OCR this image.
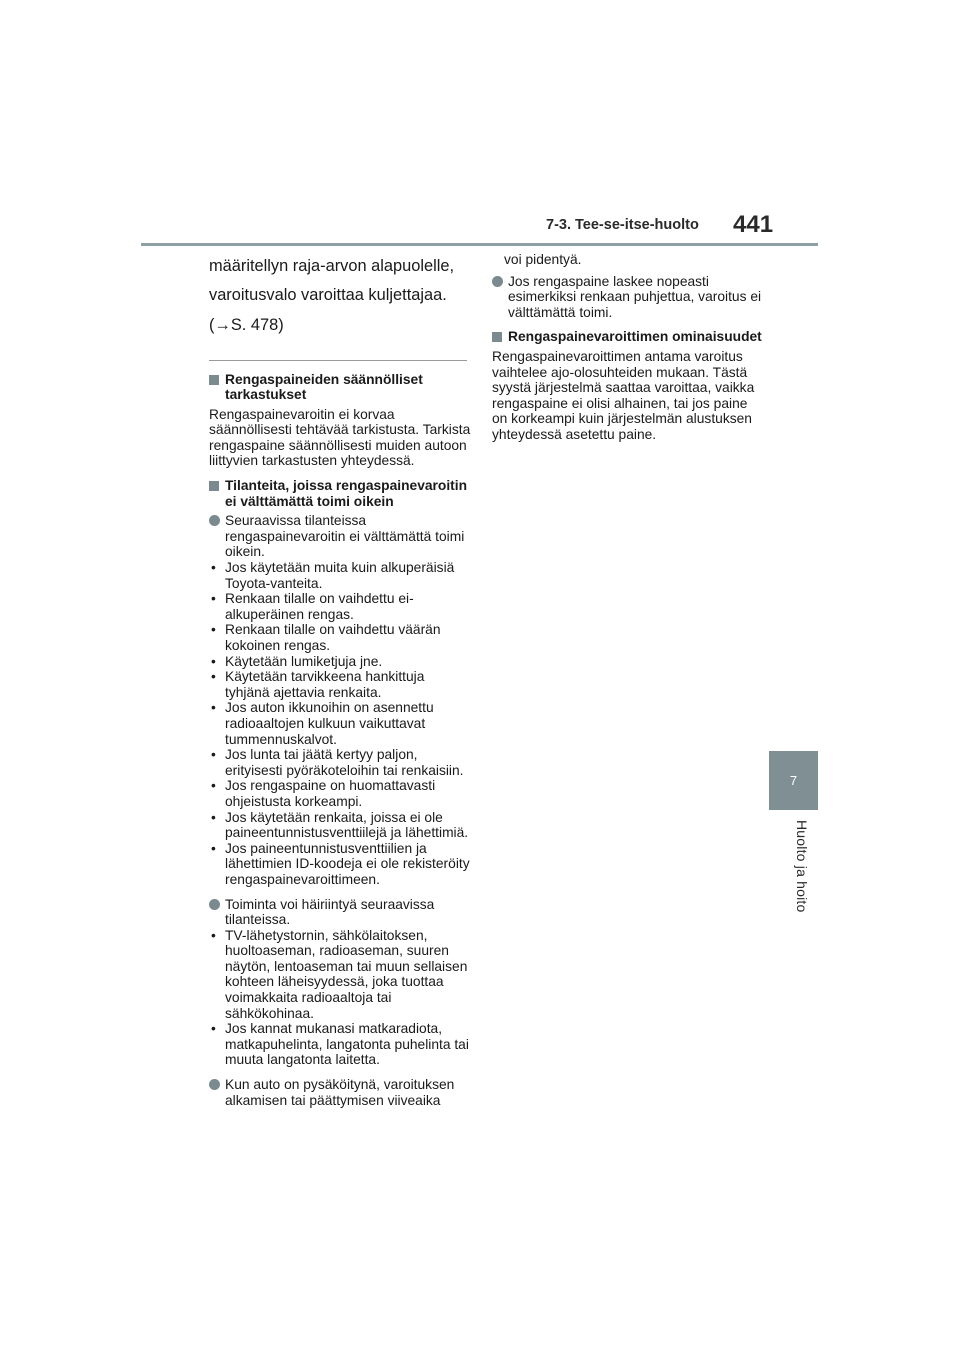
7-3. Tee-se-itse-huolto 441
7
Huolto ja hoito
määritellyn raja-arvon alapuolelle,
varoitusvalo varoittaa kuljettajaa.
(→S. 478)
Rengaspaineiden säännölliset tarkastukset

Rengaspainevaroitin ei korvaa säännöllisesti tehtävää tarkistusta. Tarkista rengaspaine säännöllisesti muiden autoon liittyvien tarkastusten yhteydessä.

Tilanteita, joissa rengaspainevaroitin ei välttämättä toimi oikein

Seuraavissa tilanteissa rengaspainevaroitin ei välttämättä toimi oikein.

• Jos käytetään muita kuin alkuperäisiä Toyota-vanteita.
• Renkaan tilalle on vaihdettu ei-alkuperäinen rengas.
• Renkaan tilalle on vaihdettu väärän kokoinen rengas.
• Käytetään lumiketjuja jne.
• Käytetään tarvikkeena hankittuja tyhjänä ajettavia renkaita.
• Jos auton ikkunoihin on asennettu radioaaltojen kulkuun vaikuttavat tummennuskalvot.
• Jos lunta tai jäätä kertyy paljon, erityisesti pyöräkoteloihin tai renkaisiin.
• Jos rengaspaine on huomattavasti ohjeistusta korkeampi.
• Jos käytetään renkaita, joissa ei ole paineentunnistusventtiilejä ja lähettimiä.
• Jos paineentunnistusventtiilien ja lähettimien ID-koodeja ei ole rekisteröity rengaspainevaroittimeen.

Toiminta voi häiriintyä seuraavissa tilanteissa.

• TV-lähetystornin, sähkölaitoksen, huoltoaseman, radioaseman, suuren näytön, lentoaseman tai muun sellaisen kohteen läheisyydessä, joka tuottaa voimakkaita radioaaltoja tai sähkökohinaa.
• Jos kannat mukanasi matkaradiota, matkapuhelinta, langatonta puhelinta tai muuta langatonta laitetta.

Kun auto on pysäköitynä, varoituksen alkamisen tai päättymisen viiveaika

voi pidentyä.

Jos rengaspaine laskee nopeasti esimerkiksi renkaan puhjettua, varoitus ei välttämättä toimi.

Rengaspainevaroittimen ominaisuudet

Rengaspainevaroittimen antama varoitus vaihtelee ajo-olosuhteiden mukaan. Tästä syystä järjestelmä saattaa varoittaa, vaikka rengaspaine ei olisi alhainen, tai jos paine on korkeampi kuin järjestelmän alustuksen yhteydessä asetettu paine.
